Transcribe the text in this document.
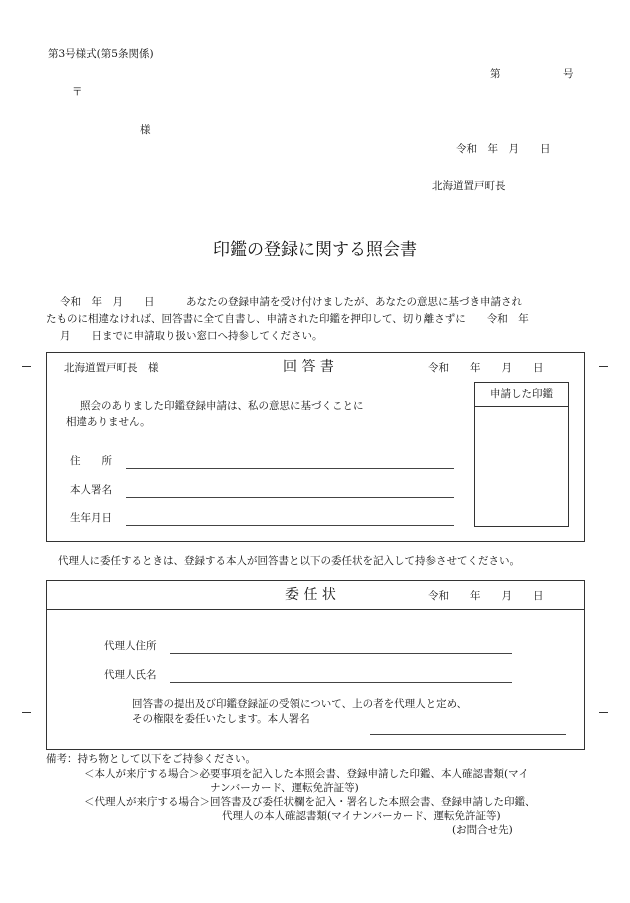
第3号様式(第5条関係)
第	号
〒
様
令和　年　月　　日
北海道置戸町長
印鑑の登録に関する照会書
令和　年　月　　日　　　あなたの登録申請を受け付けましたが、あなたの意思に基づき申請され
たものに相違なければ、回答書に全て自書し、申請された印鑑を押印して、切り離さずに　　令和　年
月　　日までに申請取り扱い窓口へ持参してください。
北海道置戸町長　様	回 答 書	令和　　年　　月　　日
申請した印鑑
照会のありました印鑑登録申請は、私の意思に基づくことに
相違ありません。
住　　所
本人署名
生年月日
代理人に委任するときは、登録する本人が回答書と以下の委任状を記入して持参させてください。
委 任 状	令和　　年　　月　　日
代理人住所
代理人氏名
回答書の提出及び印鑑登録証の受領について、上の者を代理人と定め、
その権限を委任いたします。本人署名
備考：持ち物として以下をご持参ください。
＜本人が来庁する場合＞必要事項を記入した本照会書、登録申請した印鑑、本人確認書類(マイ
ナンバーカード、運転免許証等)
＜代理人が来庁する場合＞回答書及び委任状欄を記入・署名した本照会書、登録申請した印鑑、
代理人の本人確認書類(マイナンバーカード、運転免許証等)
(お問合せ先)
